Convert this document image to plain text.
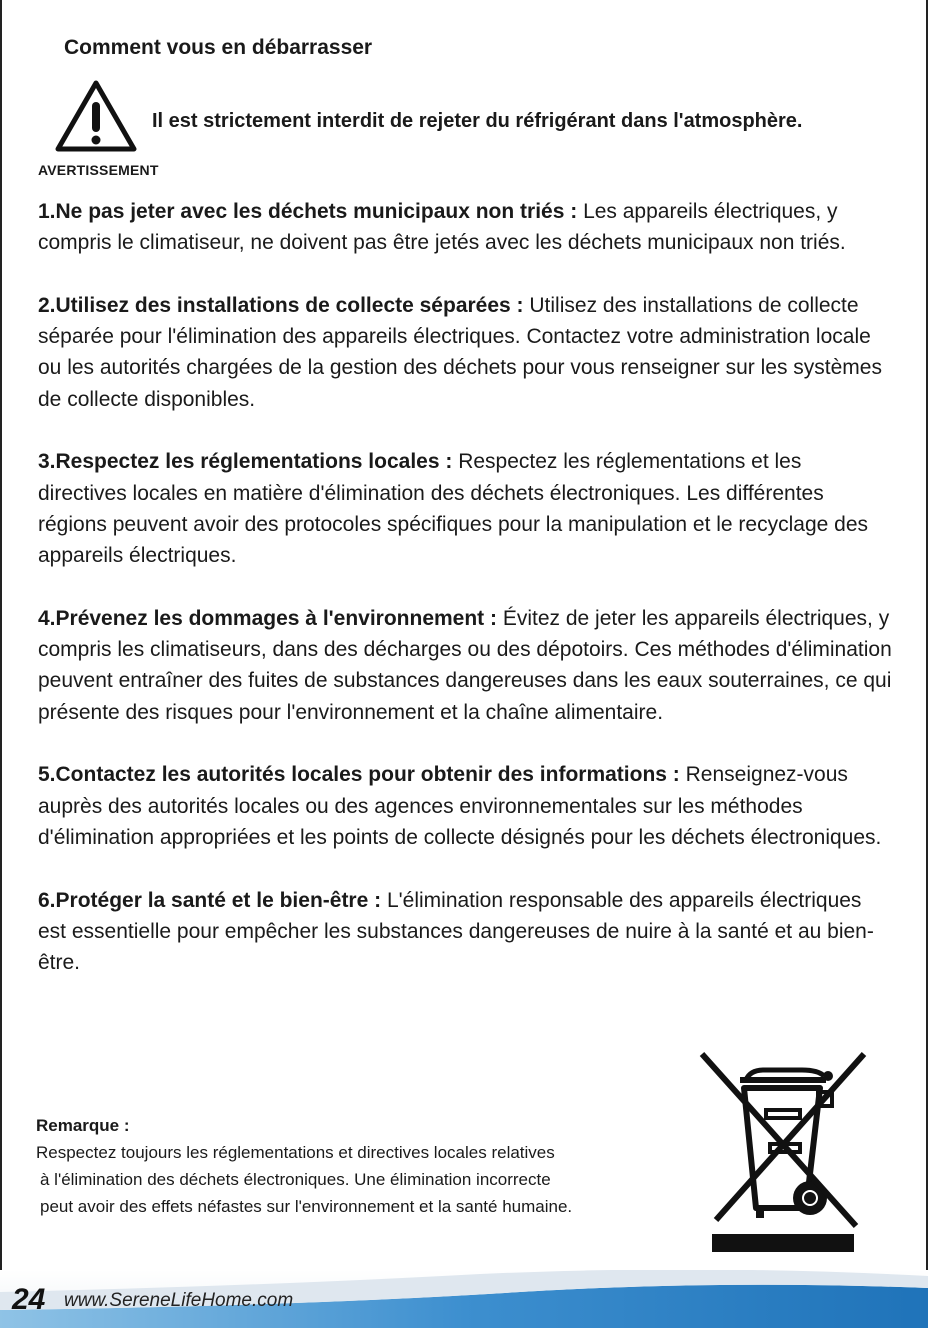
Comment vous en débarrasser
AVERTISSEMENT
Il est strictement interdit de rejeter du réfrigérant dans l'atmosphère.

1.Ne pas jeter avec les déchets municipaux non triés : Les appareils électriques, y compris le climatiseur, ne doivent pas être jetés avec les déchets municipaux non triés.

2.Utilisez des installations de collecte séparées : Utilisez des installations de collecte séparée pour l'élimination des appareils électriques. Contactez votre administration locale ou les autorités chargées de la gestion des déchets pour vous renseigner sur les systèmes de collecte disponibles.

3.Respectez les réglementations locales : Respectez les réglementations et les directives locales en matière d'élimination des déchets électroniques. Les différentes régions peuvent avoir des protocoles spécifiques pour la manipulation et le recyclage des appareils électriques.

4.Prévenez les dommages à l'environnement : Évitez de jeter les appareils électriques, y compris les climatiseurs, dans des décharges ou des dépotoirs. Ces méthodes d'élimination peuvent entraîner des fuites de substances dangereuses dans les eaux souterraines, ce qui présente des risques pour l'environnement et la chaîne alimentaire.

5.Contactez les autorités locales pour obtenir des informations : Renseignez-vous auprès des autorités locales ou des agences environnementales sur les méthodes d'élimination appropriées et les points de collecte désignés pour les déchets électroniques.

6.Protéger la santé et le bien-être : L'élimination responsable des appareils électriques est essentielle pour empêcher les substances dangereuses de nuire à la santé et au bien-être.

Remarque :
Respectez toujours les réglementations et directives locales relatives
à l'élimination des déchets électroniques. Une élimination incorrecte
peut avoir des effets néfastes sur l'environnement et la santé humaine.
24 www.SereneLifeHome.com
